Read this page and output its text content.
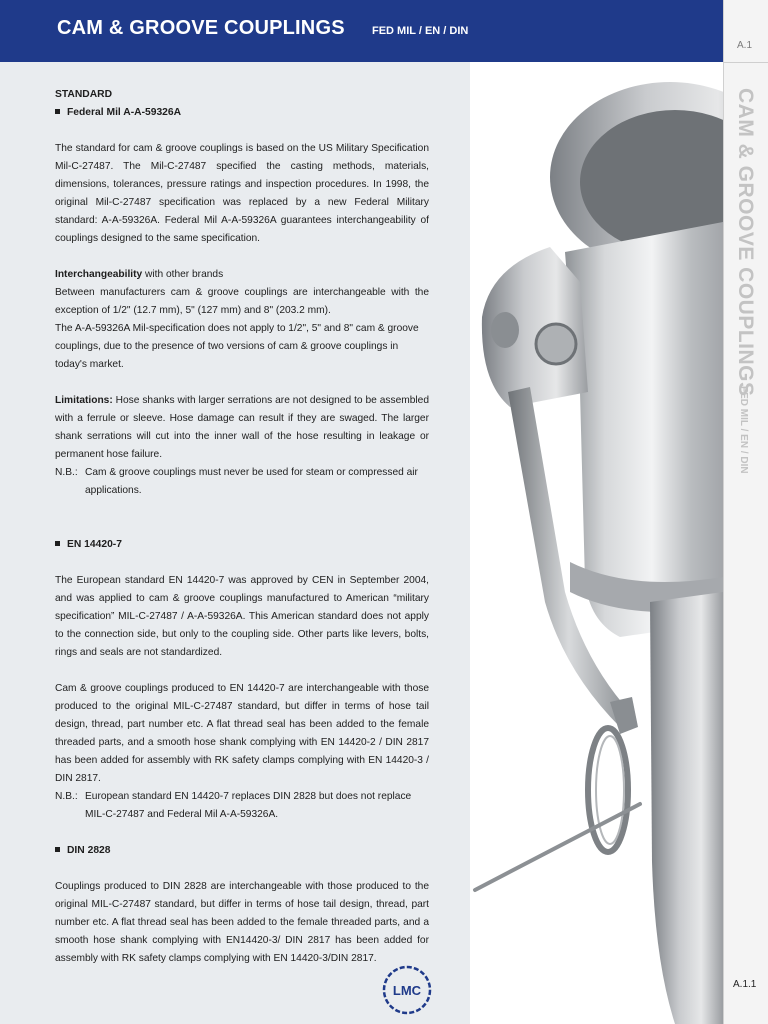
CAM & GROOVE COUPLINGS FED MIL / EN / DIN
A.1
CAM & GROOVE COUPLINGS
FED MIL / EN / DIN
A.1.1
STANDARD
Federal Mil A-A-59326A

The standard for cam & groove couplings is based on the US Military Specification Mil-C-27487. The Mil-C-27487 specified the casting methods, materials, dimensions, tolerances, pressure ratings and inspection procedures. In 1998, the original Mil-C-27487 specification was replaced by a new Federal Military standard: A-A-59326A. Federal Mil A-A-59326A guarantees interchangeability of couplings designed to the same specification.

Interchangeability with other brands

Between manufacturers cam & groove couplings are interchangeable with the exception of 1/2" (12.7 mm), 5" (127 mm) and 8" (203.2 mm).

The A-A-59326A Mil-specification does not apply to 1/2", 5" and 8" cam & groove couplings, due to the presence of two versions of cam & groove couplings in today's market.

Limitations: Hose shanks with larger serrations are not designed to be assembled with a ferrule or sleeve. Hose damage can result if they are swaged. The larger shank serrations will cut into the inner wall of the hose resulting in leakage or permanent hose failure.

N.B.: Cam & groove couplings must never be used for steam or compressed air applications.
EN 14420-7

The European standard EN 14420-7 was approved by CEN in September 2004, and was applied to cam & groove couplings manufactured to American “military specification” MIL-C-27487 / A-A-59326A. This American standard does not apply to the connection side, but only to the coupling side. Other parts like levers, bolts, rings and seals are not standardized.

Cam & groove couplings produced to EN 14420-7 are interchangeable with those produced to the original MIL-C-27487 standard, but differ in terms of hose tail design, thread, part number etc. A flat thread seal has been added to the female threaded parts, and a smooth hose shank complying with EN 14420-2 / DIN 2817 has been added for assembly with RK safety clamps complying with EN 14420-3 / DIN 2817.

N.B.: European standard EN 14420-7 replaces DIN 2828 but does not replace MIL-C-27487 and Federal Mil A-A-59326A.
DIN 2828

Couplings produced to DIN 2828 are interchangeable with those produced to the original MIL-C-27487 standard, but differ in terms of hose tail design, thread, part number etc. A flat thread seal has been added to the female threaded parts, and a smooth hose shank complying with EN14420-3/ DIN 2817 has been added for assembly with RK safety clamps complying with EN 14420-3/DIN 2817.

LMC
